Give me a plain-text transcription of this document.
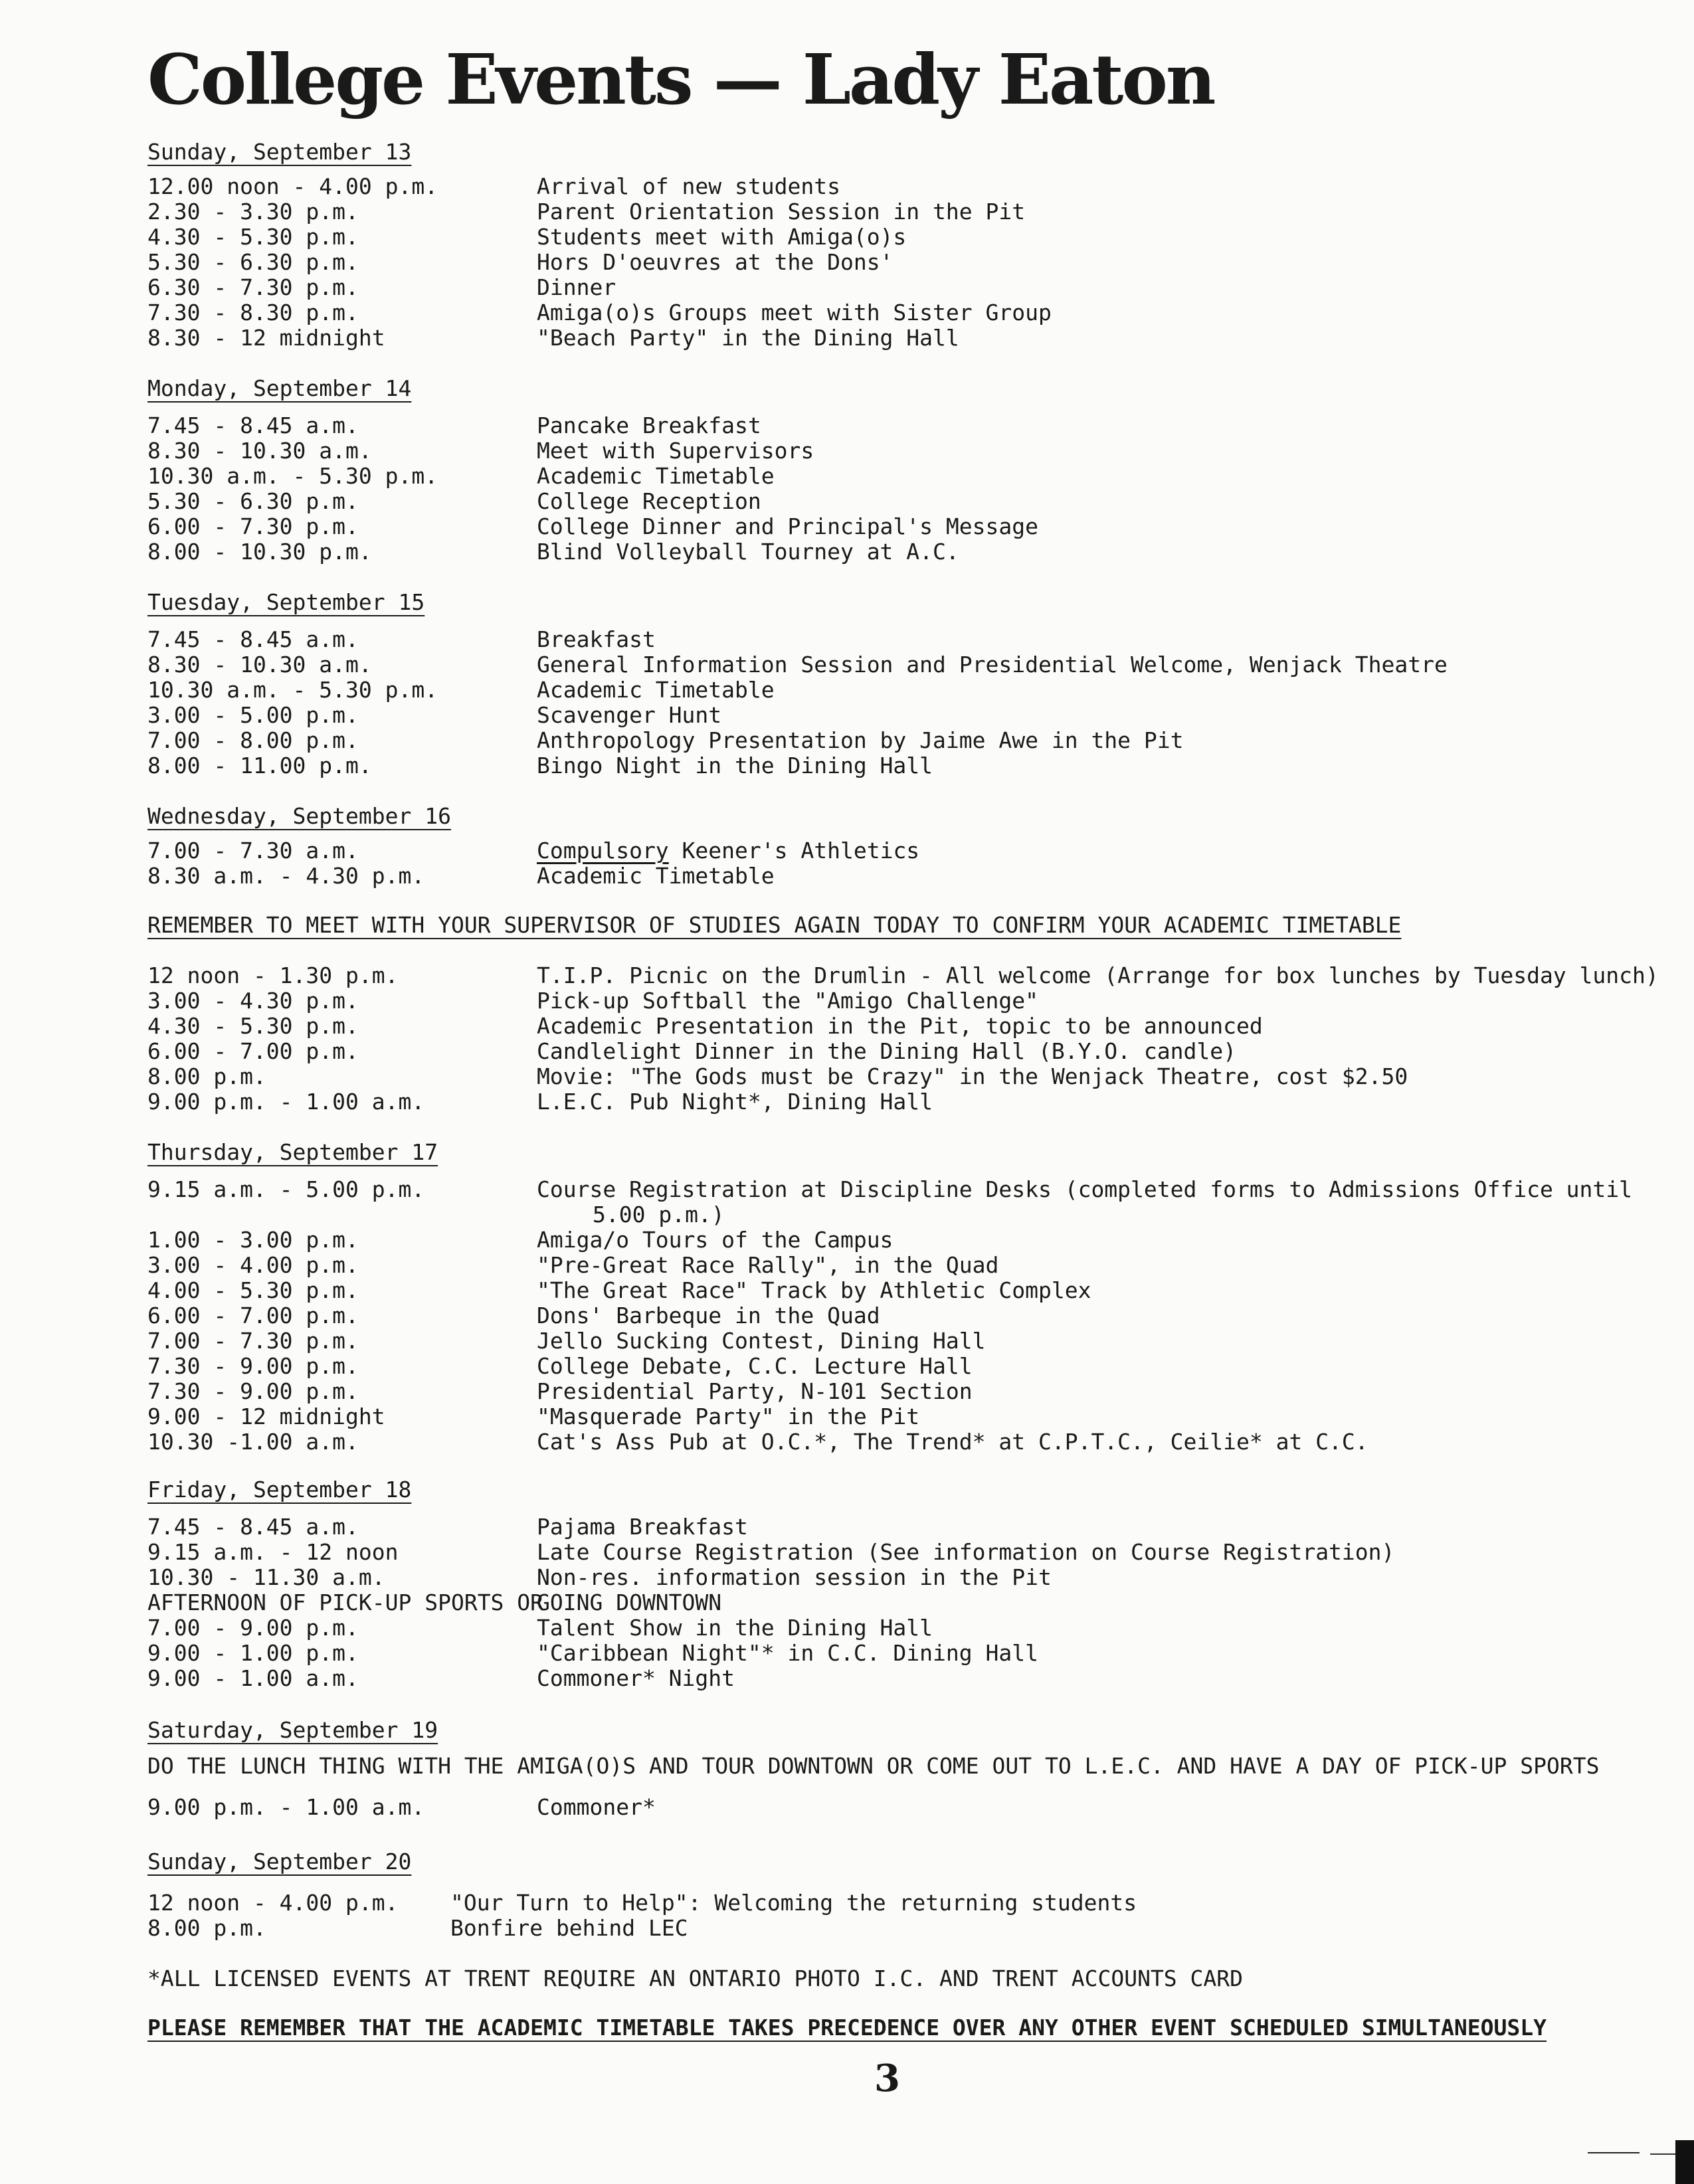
College Events — Lady Eaton
Sunday, September 13
12.00 noon - 4.00 p.m.	Arrival of new students
2.30 - 3.30 p.m.	Parent Orientation Session in the Pit
4.30 - 5.30 p.m.	Students meet with Amiga(o)s
5.30 - 6.30 p.m.	Hors D'oeuvres at the Dons'
6.30 - 7.30 p.m.	Dinner
7.30 - 8.30 p.m.	Amiga(o)s Groups meet with Sister Group
8.30 - 12 midnight	"Beach Party" in the Dining Hall
Monday, September 14
7.45 - 8.45 a.m.	Pancake Breakfast
8.30 - 10.30 a.m.	Meet with Supervisors
10.30 a.m. - 5.30 p.m.	Academic Timetable
5.30 - 6.30 p.m.	College Reception
6.00 - 7.30 p.m.	College Dinner and Principal's Message
8.00 - 10.30 p.m.	Blind Volleyball Tourney at A.C.
Tuesday, September 15
7.45 - 8.45 a.m.	Breakfast
8.30 - 10.30 a.m.	General Information Session and Presidential Welcome, Wenjack Theatre
10.30 a.m. - 5.30 p.m.	Academic Timetable
3.00 - 5.00 p.m.	Scavenger Hunt
7.00 - 8.00 p.m.	Anthropology Presentation by Jaime Awe in the Pit
8.00 - 11.00 p.m.	Bingo Night in the Dining Hall
Wednesday, September 16
7.00 - 7.30 a.m.	Compulsory Keener's Athletics
8.30 a.m. - 4.30 p.m.	Academic Timetable
REMEMBER TO MEET WITH YOUR SUPERVISOR OF STUDIES AGAIN TODAY TO CONFIRM YOUR ACADEMIC TIMETABLE
12 noon - 1.30 p.m.	T.I.P. Picnic on the Drumlin - All welcome (Arrange for box lunches by Tuesday lunch)
3.00 - 4.30 p.m.	Pick-up Softball the "Amigo Challenge"
4.30 - 5.30 p.m.	Academic Presentation in the Pit, topic to be announced
6.00 - 7.00 p.m.	Candlelight Dinner in the Dining Hall (B.Y.O. candle)
8.00 p.m.	Movie: "The Gods must be Crazy" in the Wenjack Theatre, cost $2.50
9.00 p.m. - 1.00 a.m.	L.E.C. Pub Night*, Dining Hall
Thursday, September 17
9.15 a.m. - 5.00 p.m.	Course Registration at Discipline Desks (completed forms to Admissions Office until
5.00 p.m.)
1.00 - 3.00 p.m.	Amiga/o Tours of the Campus
3.00 - 4.00 p.m.	"Pre-Great Race Rally", in the Quad
4.00 - 5.30 p.m.	"The Great Race" Track by Athletic Complex
6.00 - 7.00 p.m.	Dons' Barbeque in the Quad
7.00 - 7.30 p.m.	Jello Sucking Contest, Dining Hall
7.30 - 9.00 p.m.	College Debate, C.C. Lecture Hall
7.30 - 9.00 p.m.	Presidential Party, N-101 Section
9.00 - 12 midnight	"Masquerade Party" in the Pit
10.30 -1.00 a.m.	Cat's Ass Pub at O.C.*, The Trend* at C.P.T.C., Ceilie* at C.C.
Friday, September 18
7.45 - 8.45 a.m.	Pajama Breakfast
9.15 a.m. - 12 noon	Late Course Registration (See information on Course Registration)
10.30 - 11.30 a.m.	Non-res. information session in the Pit
AFTERNOON OF PICK-UP SPORTS OR
GOING DOWNTOWN
7.00 - 9.00 p.m.	Talent Show in the Dining Hall
9.00 - 1.00 p.m.	"Caribbean Night"* in C.C. Dining Hall
9.00 - 1.00 a.m.	Commoner* Night
Saturday, September 19
DO THE LUNCH THING WITH THE AMIGA(O)S AND TOUR DOWNTOWN OR COME OUT TO L.E.C. AND HAVE A DAY OF PICK-UP SPORTS
9.00 p.m. - 1.00 a.m.	Commoner*
Sunday, September 20
12 noon - 4.00 p.m. "Our Turn to Help": Welcoming the returning students
8.00 p.m.	Bonfire behind LEC
*ALL LICENSED EVENTS AT TRENT REQUIRE AN ONTARIO PHOTO I.C. AND TRENT ACCOUNTS CARD
PLEASE REMEMBER THAT THE ACADEMIC TIMETABLE TAKES PRECEDENCE OVER ANY OTHER EVENT SCHEDULED SIMULTANEOUSLY
3
